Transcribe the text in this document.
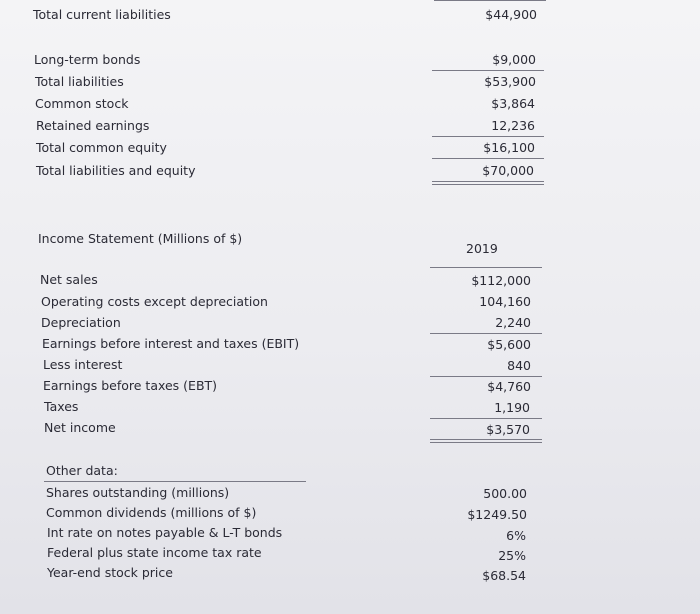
Total current liabilities	$44,900
Long-term bonds	$9,000
Total liabilities	$53,900
Common stock	$3,864
Retained earnings	12,236
Total common equity	$16,100
Total liabilities and equity	$70,000
Income Statement (Millions of $)
2019
Net sales	$112,000
Operating costs except depreciation	104,160
Depreciation	2,240
Earnings before interest and taxes (EBIT)	$5,600
Less interest	840
Earnings before taxes (EBT)	$4,760
Taxes	1,190
Net income	$3,570
Other data:
Shares outstanding (millions)	500.00
Common dividends (millions of $)	$1249.50
Int rate on notes payable & L-T bonds	6%
Federal plus state income tax rate	25%
Year-end stock price	$68.54
